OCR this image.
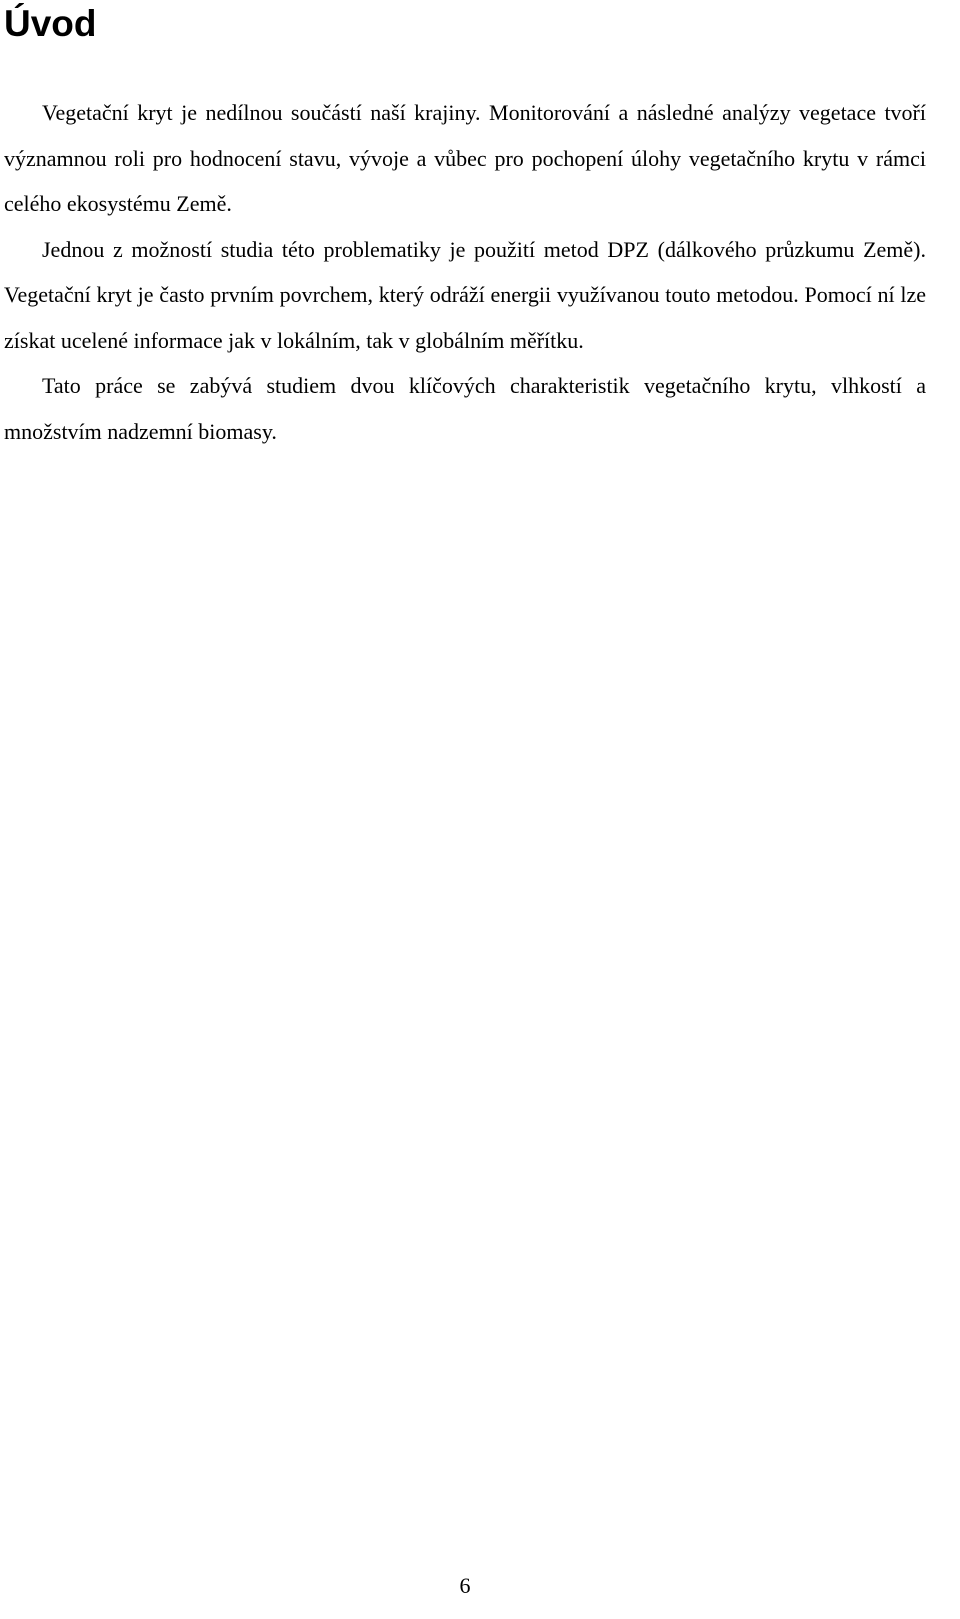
Úvod

Vegetační kryt je nedílnou součástí naší krajiny. Monitorování a následné analýzy vegetace tvoří významnou roli pro hodnocení stavu, vývoje a vůbec pro pochopení úlohy vegetačního krytu v rámci celého ekosystému Země.

Jednou z možností studia této problematiky je použití metod DPZ (dálkového průzkumu Země). Vegetační kryt je často prvním povrchem, který odráží energii využívanou touto metodou. Pomocí ní lze získat ucelené informace jak v lokálním, tak v globálním měřítku.

Tato práce se zabývá studiem dvou klíčových charakteristik vegetačního krytu, vlhkostí a množstvím nadzemní biomasy.

6
